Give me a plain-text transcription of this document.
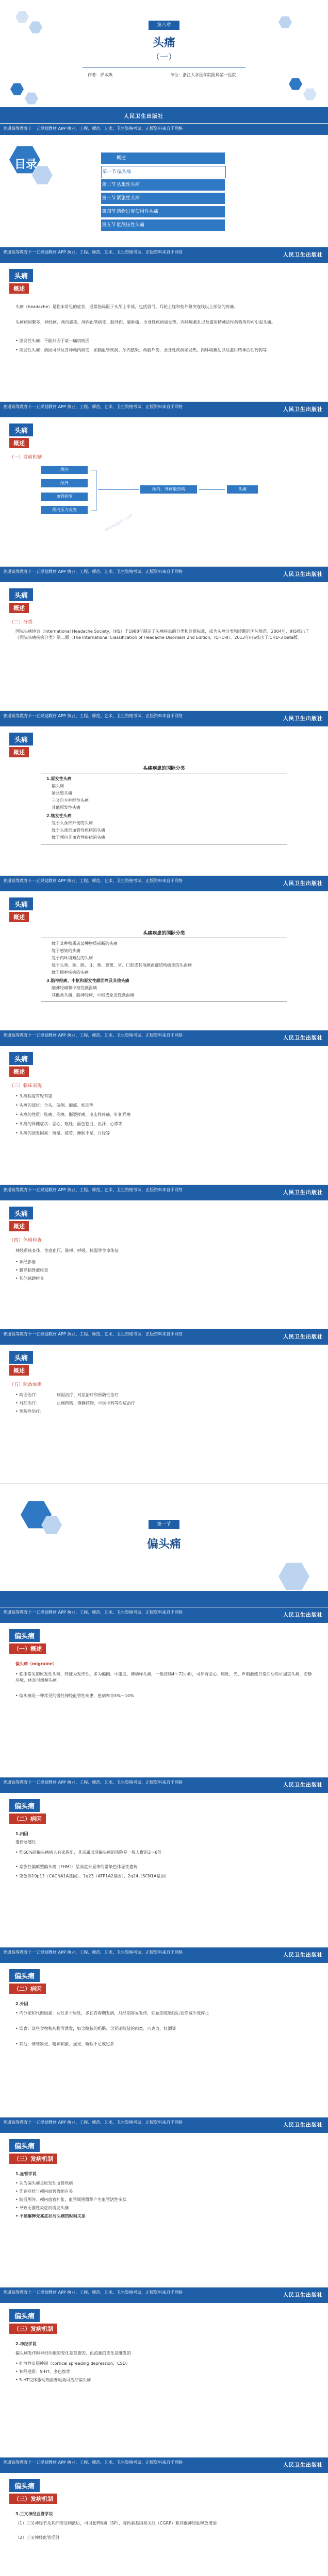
第八章
头痛
（一）
作者：罗本燕	单位：浙江大学医学院附属第一医院
人民卫生出版社
普通高等教育十一五规划教材 APP 执业、工程、师范、艺术、卫生资格考试，正版资料来自于网络
目录	概述
第一节 偏头痛
第二节 丛集性头痛
第三节 紧张性头痛
第四节 药物过度使用性头痛
第五节 低颅压性头痛
普通高等教育十一五规划教材 APP 执业、工程、师范、艺术、卫生资格考试，正版资料来自于网络
人民卫生出版社
头痛
概述
头痛（headache）是临床常见的症状，通常指局限于头颅上半部，包括眉弓、耳轮上缘和枕外隆突连线以上部位的疼痛。
头痛病因繁多，神经痛、颅内感染、颅内血管病变、脑外伤、脑肿瘤、全身性疾病如发热、内环境紊乱以及滥用精神活性药物等均可引起头痛。
• 原发性头痛：不能归因于某一确切病因
• 继发性头痛：病因可涉及各种颅内病变，如脑血管疾病、颅内感染、颅脑外伤，全身性疾病如发热、内环境紊乱以及滥用精神活性药物等
普通高等教育十一五规划教材 APP 执业、工程、师范、艺术、卫生资格考试，正版资料来自于网络
人民卫生出版社
头痛
概述
（一）发病机制
颅内
颅外
血管病变
颅内压力改变
颅内、外痛敏结构	头痛
www.ppt.com
普通高等教育十一五规划教材 APP 执业、工程、师范、艺术、卫生资格考试，正版资料来自于网络
人民卫生出版社
头痛
概述
（二）分类
国际头痛协会（International Headache Society，IHS）于1988年制定了头痛疾患的分类和诊断标准，成为头痛分类和诊断的国际规范。2004年，IHS推出了《国际头痛疾病分类》第二版（The International Classification of Headache Disorders 2nd Edition，ICHD-Ⅱ）。2013年IHS推出了ICHD-3 beta版。
普通高等教育十一五规划教材 APP 执业、工程、师范、艺术、卫生资格考试，正版资料来自于网络
人民卫生出版社
头痛
概述
头痛疾患的国际分类
1.原发性头痛
偏头痛
紧张型头痛
三叉自主神经性头痛
其他原发性头痛
2.继发性头痛
缘于头颈部外伤的头痛
缘于头颈部血管性疾病的头痛
缘于颅内非血管性疾病的头痛
普通高等教育十一五规划教材 APP 执业、工程、师范、艺术、卫生资格考试，正版资料来自于网络
人民卫生出版社
头痛
概述
头痛疾患的国际分类
缘于某种物质或某种物质戒断的头痛
缘于感染的头痛
缘于内环境紊乱的头痛
缘于头颅、颈、眼、耳、鼻、鼻窦、牙、口腔或其他颜面部结构病变的头面痛
缘于精神疾病的头痛
3.脑神经痛、中枢和原发性颜面痛及其他头痛
脑神经痛和中枢性颜面痛
其他类头痛、脑神经痛、中枢或原发性颜面痛
普通高等教育十一五规划教材 APP 执业、工程、师范、艺术、卫生资格考试，正版资料来自于网络
人民卫生出版社
头痛
概述
（三）临床表现
• 头痛程度有轻有重
• 头痛的部位：全头、偏侧、额部、枕部等
• 头痛的性质：胀痛、闷痛、撕裂样痛、电击样疼痛、针刺样痛
• 头痛的伴随症状：恶心、呕吐、面色苍白、出汗、心悸等
• 头痛的诱发因素：情绪、疲劳、睡眠不足、月经等
普通高等教育十一五规划教材 APP 执业、工程、师范、艺术、卫生资格考试，正版资料来自于网络
人民卫生出版社
头痛
概述
（四）体格检查
神经系统查体，注意血压、脉搏、呼吸、体温等生命体征
• 神经影像
• 腰穿脑脊液检查
• 其他辅助检查
普通高等教育十一五规划教材 APP 执业、工程、师范、艺术、卫生资格考试，正版资料来自于网络
人民卫生出版社
头痛
概述
（五）防治原则
• 病因治疗：
• 对症治疗：
• 预防性治疗：
病因治疗、对症治疗和预防性治疗
止痛药物、镇静药物、中医中药等对症治疗
第一节
偏头痛
普通高等教育十一五规划教材 APP 执业、工程、师范、艺术、卫生资格考试，正版资料来自于网络
人民卫生出版社
偏头痛
（一）概述
偏头痛（migraine）
• 临床常见的原发性头痛，特征为发作性、多为偏侧、中重度、搏动样头痛，一般持续4～72小时，可伴有恶心、呕吐，光、声刺激或日常活动均可加重头痛，安静环境、休息可缓解头痛
• 偏头痛是一种常见的慢性神经血管性疾患，患病率为5%～10%
普通高等教育十一五规划教材 APP 执业、工程、师范、艺术、卫生资格考试，正版资料来自于网络
人民卫生出版社
偏头痛
（二）病因
1.内因
遗传易感性
• 约60%的偏头痛病人有家族史，其亲属出现偏头痛的风险是一般人群的3～6倍
• 家族性偏瘫型偏头痛（FHM）：呈高度外显率的常染色体显性遗传
• 染色体19p13（CACNA1A基因）、1q23（ATP1A2基因）、2q24（SCN1A基因）
普通高等教育十一五规划教材 APP 执业、工程、师范、艺术、卫生资格考试，正版资料来自于网络
人民卫生出版社
偏头痛
（二）病因
2.外因
• 内分泌和代谢因素：女性多于男性，多在青春期发病，月经期容易发作，妊娠期或绝经后发作减少或停止
• 饮食：某些食物和药物可诱发，如含酪胺的奶酪、含亚硝酸盐的肉类、巧克力、红酒等
• 其他：情绪紧张、精神刺激、强光、睡眠不足或过多
普通高等教育十一五规划教材 APP 执业、工程、师范、艺术、卫生资格考试，正版资料来自于网络
人民卫生出版社
偏头痛
（三）发病机制
1.血管学说
• 认为偏头痛是原发性血管疾病
• 先兆症状与颅内血管收缩有关
• 随后颅外、颅内血管扩张，血管周围组织产生血管活性多肽
• 导致无菌性炎症而诱发头痛
• 不能解释先兆症状与头痛的时间关系
普通高等教育十一五规划教材 APP 执业、工程、师范、艺术、卫生资格考试，正版资料来自于网络
人民卫生出版社
偏头痛
（三）发病机制
2.神经学说
偏头痛发作时神经功能的变化是首要的，血流量的变化是继发的
• 扩散性皮层抑制（cortical spreading depression，CSD）
• 神经递质：5-HT、多巴胺等
• 5-HT受体激动剂曲普坦类可治疗偏头痛
普通高等教育十一五规划教材 APP 执业、工程、师范、艺术、卫生资格考试，正版资料来自于网络
人民卫生出版社
偏头痛
（三）发病机制
3.三叉神经血管学说
（1）三叉神经节及其纤维受刺激后，可引起P物质（SP）、降钙素基因相关肽（CGRP）和其他神经肽释放增加
（2）三叉神经血管反射
